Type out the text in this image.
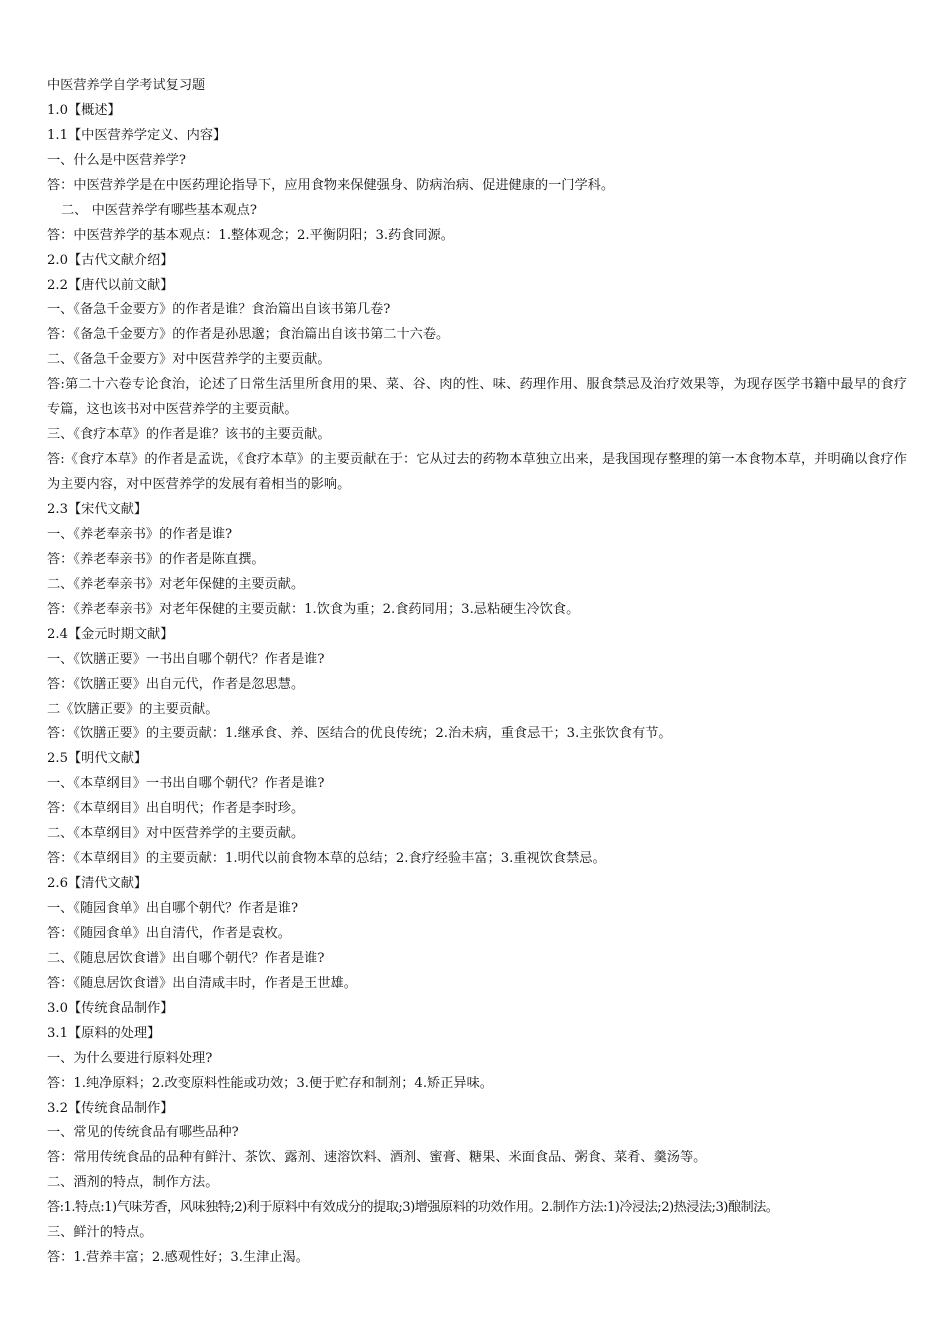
中医营养学自学考试复习题
1.0【概述】
1.1【中医营养学定义、内容】
一、什么是中医营养学?
答：中医营养学是在中医药理论指导下，应用食物来保健强身、防病治病、促进健康的一门学科。
二、 中医营养学有哪些基本观点?
答：中医营养学的基本观点：1.整体观念；2.平衡阴阳；3.药食同源。
2.0【古代文献介绍】
2.2【唐代以前文献】
一、《备急千金要方》的作者是谁？食治篇出自该书第几卷?
答：《备急千金要方》的作者是孙思邈；食治篇出自该书第二十六卷。
二、《备急千金要方》对中医营养学的主要贡献。
答:第二十六卷专论食治，论述了日常生活里所食用的果、菜、谷、肉的性、味、药理作用、服食禁忌及治疗效果等，为现存医学书籍中最早的食疗专篇，这也该书对中医营养学的主要贡献。
三、《食疗本草》的作者是谁？该书的主要贡献。
答:《食疗本草》的作者是孟诜，《食疗本草》的主要贡献在于：它从过去的药物本草独立出来，是我国现存整理的第一本食物本草，并明确以食疗作为主要内容，对中医营养学的发展有着相当的影响。
2.3【宋代文献】
一、《养老奉亲书》的作者是谁?
答：《养老奉亲书》的作者是陈直撰。
二、《养老奉亲书》对老年保健的主要贡献。
答：《养老奉亲书》对老年保健的主要贡献：1.饮食为重；2.食药同用；3.忌粘硬生冷饮食。
2.4【金元时期文献】
一、《饮膳正要》一书出自哪个朝代？作者是谁?
答：《饮膳正要》出自元代，作者是忽思慧。
二《饮膳正要》的主要贡献。
答：《饮膳正要》的主要贡献：1.继承食、养、医结合的优良传统；2.治未病，重食忌干；3.主张饮食有节。
2.5【明代文献】
一、《本草纲目》一书出自哪个朝代？作者是谁?
答：《本草纲目》出自明代；作者是李时珍。
二、《本草纲目》对中医营养学的主要贡献。
答：《本草纲目》的主要贡献：1.明代以前食物本草的总结；2.食疗经验丰富；3.重视饮食禁忌。
2.6【清代文献】
一、《随园食单》出自哪个朝代？作者是谁?
答：《随园食单》出自清代，作者是袁枚。
二、《随息居饮食谱》出自哪个朝代？作者是谁?
答：《随息居饮食谱》出自清咸丰时，作者是王世雄。
3.0【传统食品制作】
3.1【原料的处理】
一、为什么要进行原料处理?
答：1.纯净原料；2.改变原料性能或功效；3.便于贮存和制剂；4.矫正异味。
3.2【传统食品制作】
一、常见的传统食品有哪些品种?
答：常用传统食品的品种有鲜汁、茶饮、露剂、速溶饮料、酒剂、蜜膏、糖果、米面食品、粥食、菜肴、羹汤等。
二、酒剂的特点，制作方法。
答:1.特点:1)气味芳香，风味独特;2)利于原料中有效成分的提取;3)增强原料的功效作用。2.制作方法:1)冷浸法;2)热浸法;3)酿制法。
三、鲜汁的特点。
答：1.营养丰富；2.感观性好；3.生津止渴。
